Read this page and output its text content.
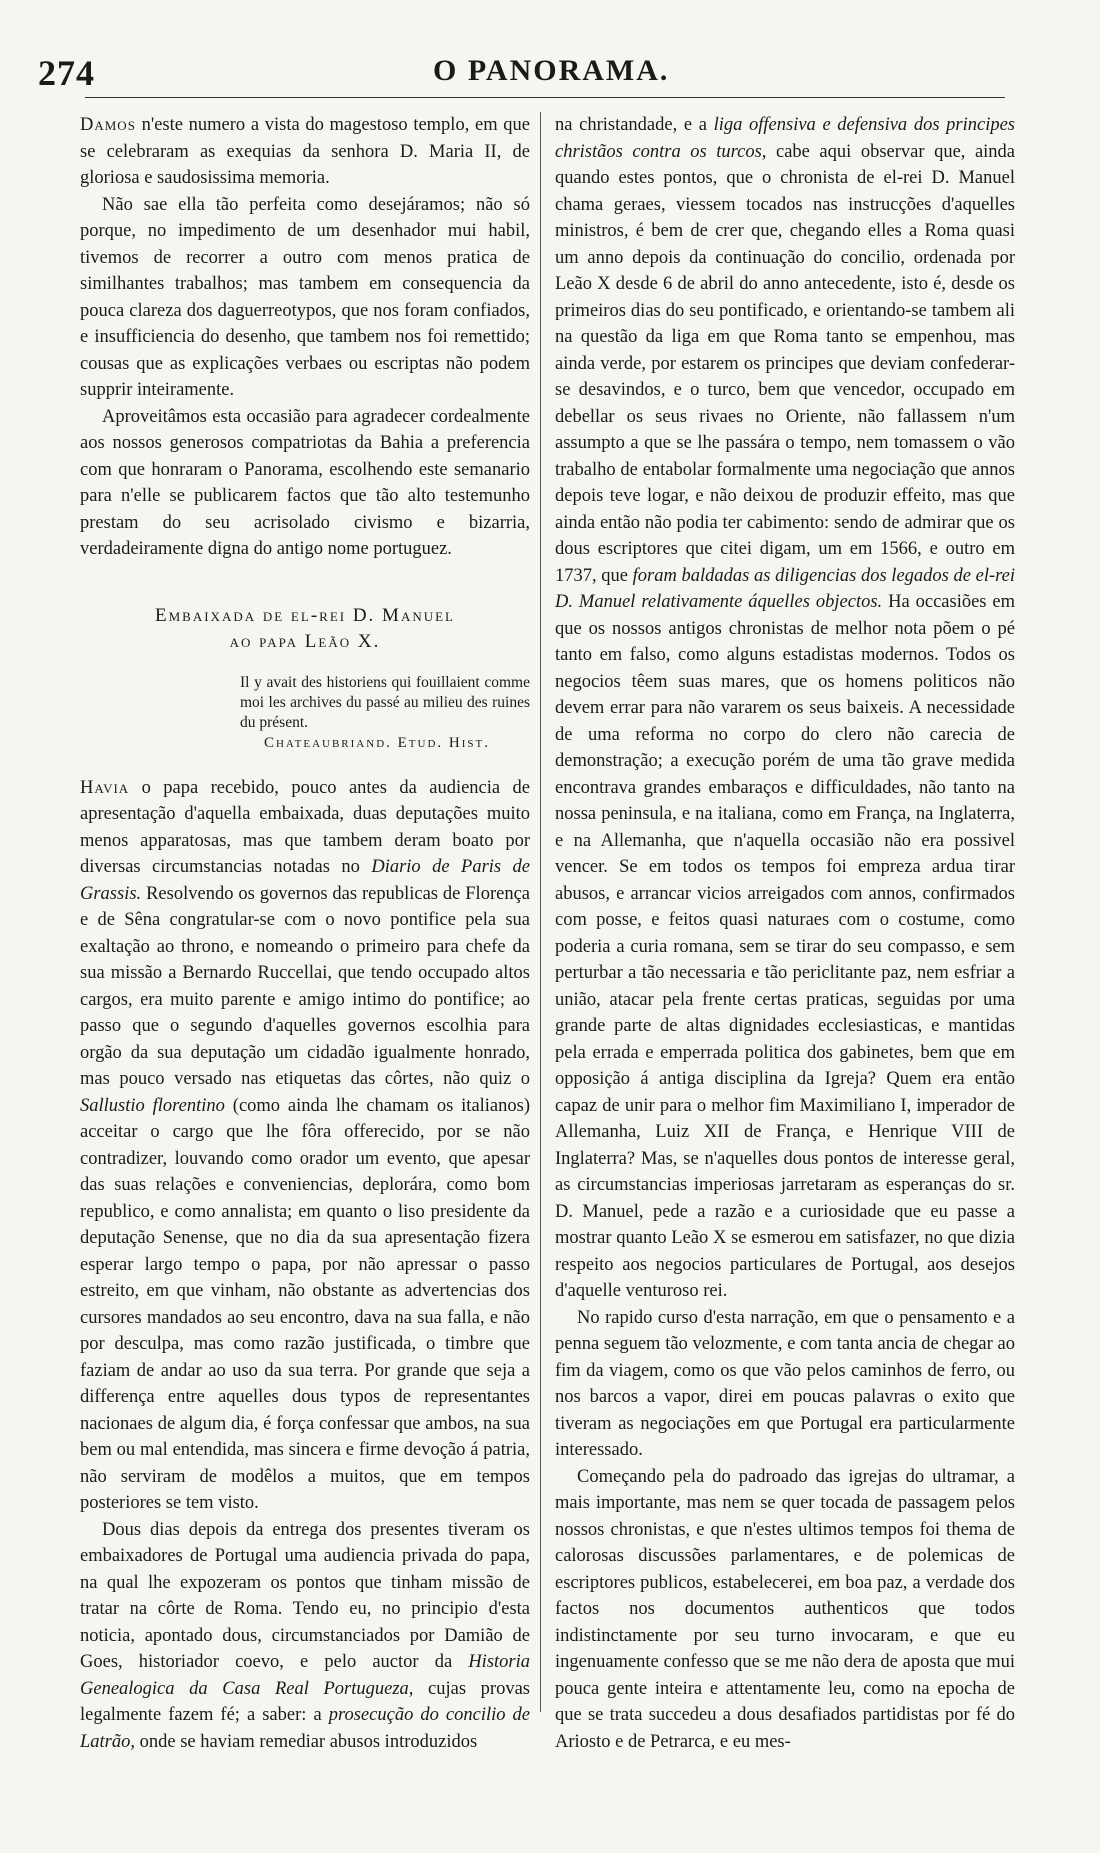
274	O PANORAMA.

Damos n'este numero a vista do magestoso templo, em que se celebraram as exequias da senhora D. Maria II, de gloriosa e saudosissima memoria.

Não sae ella tão perfeita como desejáramos; não só porque, no impedimento de um desenhador mui habil, tivemos de recorrer a outro com menos pratica de similhantes trabalhos; mas tambem em consequencia da pouca clareza dos daguerreotypos, que nos foram confiados, e insufficiencia do desenho, que tambem nos foi remettido; cousas que as explicações verbaes ou escriptas não podem supprir inteiramente.

Aproveitâmos esta occasião para agradecer cordealmente aos nossos generosos compatriotas da Bahia a preferencia com que honraram o Panorama, escolhendo este semanario para n'elle se publicarem factos que tão alto testemunho prestam do seu acrisolado civismo e bizarria, verdadeiramente digna do antigo nome portuguez.

Embaixada de el-rei D. Manuel
ao papa Leão X.
Il y avait des historiens qui fouillaient comme moi les archives du passé au milieu des ruines du présent.
Chateaubriand. Etud. Hist.

Havia o papa recebido, pouco antes da audiencia de apresentação d'aquella embaixada, duas deputações muito menos apparatosas, mas que tambem deram boato por diversas circumstancias notadas no Diario de Paris de Grassis. Resolvendo os governos das republicas de Florença e de Sêna congratular-se com o novo pontifice pela sua exaltação ao throno, e nomeando o primeiro para chefe da sua missão a Bernardo Ruccellai, que tendo occupado altos cargos, era muito parente e amigo intimo do pontifice; ao passo que o segundo d'aquelles governos escolhia para orgão da sua deputação um cidadão igualmente honrado, mas pouco versado nas etiquetas das côrtes, não quiz o Sallustio florentino (como ainda lhe chamam os italianos) acceitar o cargo que lhe fôra offerecido, por se não contradizer, louvando como orador um evento, que apesar das suas relações e conveniencias, deplorára, como bom republico, e como annalista; em quanto o liso presidente da deputação Senense, que no dia da sua apresentação fizera esperar largo tempo o papa, por não apressar o passo estreito, em que vinham, não obstante as advertencias dos cursores mandados ao seu encontro, dava na sua falla, e não por desculpa, mas como razão justificada, o timbre que faziam de andar ao uso da sua terra. Por grande que seja a differença entre aquelles dous typos de representantes nacionaes de algum dia, é força confessar que ambos, na sua bem ou mal entendida, mas sincera e firme devoção á patria, não serviram de modêlos a muitos, que em tempos posteriores se tem visto.

Dous dias depois da entrega dos presentes tiveram os embaixadores de Portugal uma audiencia privada do papa, na qual lhe expozeram os pontos que tinham missão de tratar na côrte de Roma. Tendo eu, no principio d'esta noticia, apontado dous, circumstanciados por Damião de Goes, historiador coevo, e pelo auctor da Historia Genealogica da Casa Real Portugueza, cujas provas legalmente fazem fé; a saber: a prosecução do concilio de Latrão, onde se haviam remediar abusos introduzidos

na christandade, e a liga offensiva e defensiva dos principes christãos contra os turcos, cabe aqui observar que, ainda quando estes pontos, que o chronista de el-rei D. Manuel chama geraes, viessem tocados nas instrucções d'aquelles ministros, é bem de crer que, chegando elles a Roma quasi um anno depois da continuação do concilio, ordenada por Leão X desde 6 de abril do anno antecedente, isto é, desde os primeiros dias do seu pontificado, e orientando-se tambem ali na questão da liga em que Roma tanto se empenhou, mas ainda verde, por estarem os principes que deviam confederar-se desavindos, e o turco, bem que vencedor, occupado em debellar os seus rivaes no Oriente, não fallassem n'um assumpto a que se lhe passára o tempo, nem tomassem o vão trabalho de entabolar formalmente uma negociação que annos depois teve logar, e não deixou de produzir effeito, mas que ainda então não podia ter cabimento: sendo de admirar que os dous escriptores que citei digam, um em 1566, e outro em 1737, que foram baldadas as diligencias dos legados de el-rei D. Manuel relativamente áquelles objectos. Ha occasiões em que os nossos antigos chronistas de melhor nota põem o pé tanto em falso, como alguns estadistas modernos. Todos os negocios têem suas mares, que os homens politicos não devem errar para não vararem os seus baixeis. A necessidade de uma reforma no corpo do clero não carecia de demonstração; a execução porém de uma tão grave medida encontrava grandes embaraços e difficuldades, não tanto na nossa peninsula, e na italiana, como em França, na Inglaterra, e na Allemanha, que n'aquella occasião não era possivel vencer. Se em todos os tempos foi empreza ardua tirar abusos, e arrancar vicios arreigados com annos, confirmados com posse, e feitos quasi naturaes com o costume, como poderia a curia romana, sem se tirar do seu compasso, e sem perturbar a tão necessaria e tão periclitante paz, nem esfriar a união, atacar pela frente certas praticas, seguidas por uma grande parte de altas dignidades ecclesiasticas, e mantidas pela errada e emperrada politica dos gabinetes, bem que em opposição á antiga disciplina da Igreja? Quem era então capaz de unir para o melhor fim Maximiliano I, imperador de Allemanha, Luiz XII de França, e Henrique VIII de Inglaterra? Mas, se n'aquelles dous pontos de interesse geral, as circumstancias imperiosas jarretaram as esperanças do sr. D. Manuel, pede a razão e a curiosidade que eu passe a mostrar quanto Leão X se esmerou em satisfazer, no que dizia respeito aos negocios particulares de Portugal, aos desejos d'aquelle venturoso rei.

No rapido curso d'esta narração, em que o pensamento e a penna seguem tão velozmente, e com tanta ancia de chegar ao fim da viagem, como os que vão pelos caminhos de ferro, ou nos barcos a vapor, direi em poucas palavras o exito que tiveram as negociações em que Portugal era particularmente interessado.

Começando pela do padroado das igrejas do ultramar, a mais importante, mas nem se quer tocada de passagem pelos nossos chronistas, e que n'estes ultimos tempos foi thema de calorosas discussões parlamentares, e de polemicas de escriptores publicos, estabelecerei, em boa paz, a verdade dos factos nos documentos authenticos que todos indistinctamente por seu turno invocaram, e que eu ingenuamente confesso que se me não dera de aposta que mui pouca gente inteira e attentamente leu, como na epocha de que se trata succedeu a dous desafiados partidistas por fé do Ariosto e de Petrarca, e eu mes-
